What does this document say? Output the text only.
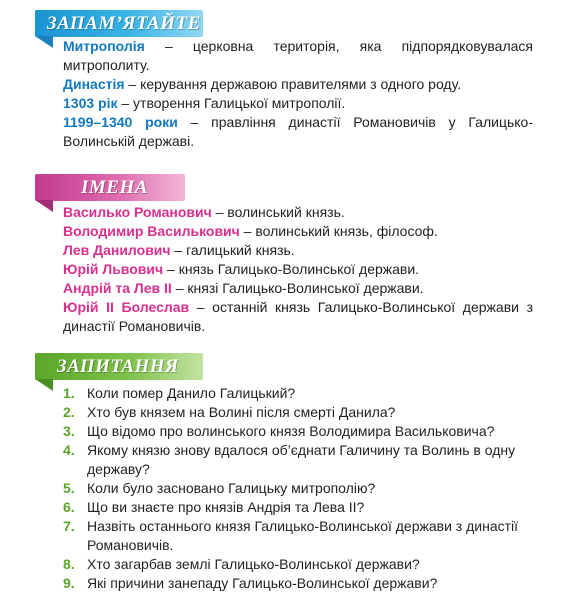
ЗАПАМ’ЯТАЙТЕ

Митрополія – церковна територія, яка підпорядковувалася митрополиту.

Династія – керування державою правителями з одного роду.

1303 рік – утворення Галицької митрополії.

1199–1340 роки – правління династії Романовичів у Галицько-Волинській державі.

ІМЕНА

Василько Романович – волинський князь.

Володимир Василькович – волинський князь, філософ.

Лев Данилович – галицький князь.

Юрій Львович – князь Галицько-Волинської держави.

Андрій та Лев II – князі Галицько-Волинської держави.

Юрій II Болеслав – останній князь Галицько-Волинської держави з династії Романовичів.

ЗАПИТАННЯ
1. Коли помер Данило Галицький?
2. Хто був князем на Волині після смерті Данила?
3. Що відомо про волинського князя Володимира Васильковича?
4. Якому князю знову вдалося об’єднати Галичину та Волинь в одну державу?
5. Коли було засновано Галицьку митрополію?
6. Що ви знаєте про князів Андрія та Лева II?
7. Назвіть останнього князя Галицько-Волинської держави з династії Романовичів.
8. Хто загарбав землі Галицько-Волинської держави?
9. Які причини занепаду Галицько-Волинської держави?
